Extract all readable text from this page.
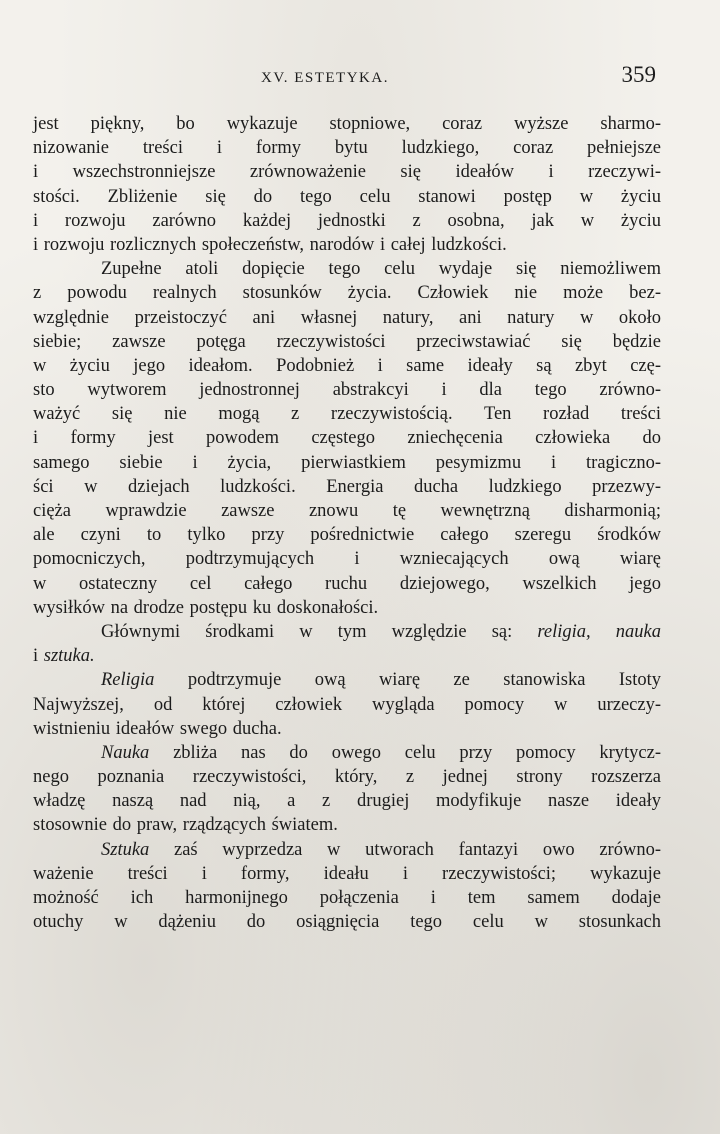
XV. ESTETYKA.	359
jest piękny, bo wykazuje stopniowe, coraz wyższe sharmo-
nizowanie treści i formy bytu ludzkiego, coraz pełniejsze
i wszechstronniejsze zrównoważenie się ideałów i rzeczywi-
stości. Zbliżenie się do tego celu stanowi postęp w życiu
i rozwoju zarówno każdej jednostki z osobna, jak w życiu
i rozwoju rozlicznych społeczeństw, narodów i całej ludzkości.
Zupełne atoli dopięcie tego celu wydaje się niemożliwem
z powodu realnych stosunków życia. Człowiek nie może bez-
względnie przeistoczyć ani własnej natury, ani natury w około
siebie; zawsze potęga rzeczywistości przeciwstawiać się będzie
w życiu jego ideałom. Podobnież i same ideały są zbyt czę-
sto wytworem jednostronnej abstrakcyi i dla tego zrówno-
ważyć się nie mogą z rzeczywistością. Ten rozład treści
i formy jest powodem częstego zniechęcenia człowieka do
samego siebie i życia, pierwiastkiem pesymizmu i tragiczno-
ści w dziejach ludzkości. Energia ducha ludzkiego przezwy-
cięża wprawdzie zawsze znowu tę wewnętrzną disharmonią;
ale czyni to tylko przy pośrednictwie całego szeregu środków
pomocniczych, podtrzymujących i wzniecających ową wiarę
w ostateczny cel całego ruchu dziejowego, wszelkich jego
wysiłków na drodze postępu ku doskonałości.
Głównymi środkami w tym względzie są: religia, nauka
i sztuka.
Religia podtrzymuje ową wiarę ze stanowiska Istoty
Najwyższej, od której człowiek wygląda pomocy w urzeczy-
wistnieniu ideałów swego ducha.
Nauka zbliża nas do owego celu przy pomocy krytycz-
nego poznania rzeczywistości, który, z jednej strony rozszerza
władzę naszą nad nią, a z drugiej modyfikuje nasze ideały
stosownie do praw, rządzących światem.
Sztuka zaś wyprzedza w utworach fantazyi owo zrówno-
ważenie treści i formy, ideału i rzeczywistości; wykazuje
możność ich harmonijnego połączenia i tem samem dodaje
otuchy w dążeniu do osiągnięcia tego celu w stosunkach
